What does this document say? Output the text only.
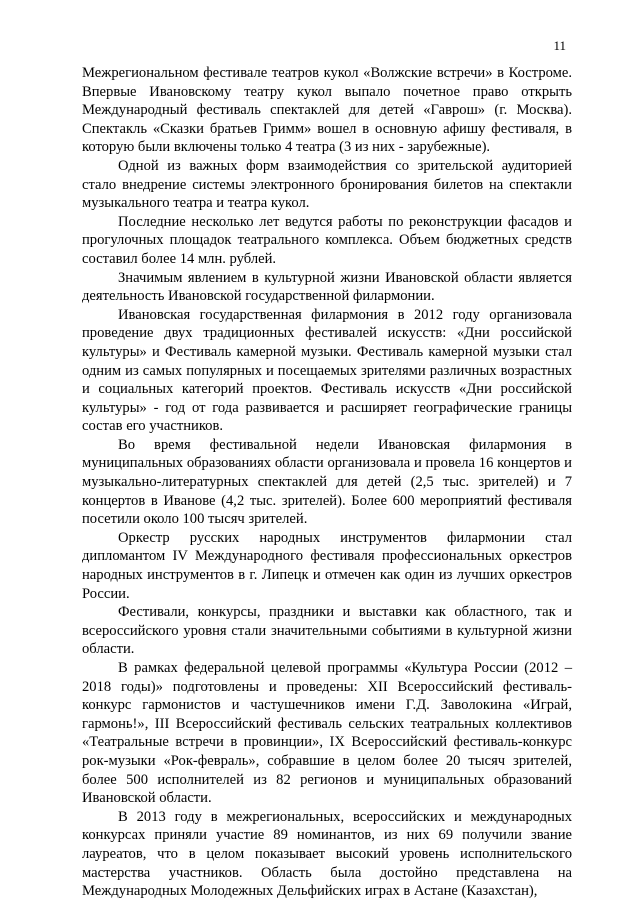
11

Межрегиональном фестивале театров кукол «Волжские встречи» в Костроме. Впервые Ивановскому театру кукол выпало почетное право открыть Международный фестиваль спектаклей для детей «Гаврош» (г. Москва). Спектакль «Сказки братьев Гримм» вошел в основную афишу фестиваля, в которую были включены только 4 театра (3 из них - зарубежные).

Одной из важных форм взаимодействия со зрительской аудиторией стало внедрение системы электронного бронирования билетов на спектакли музыкального театра и театра кукол.

Последние несколько лет ведутся работы по реконструкции фасадов и прогулочных площадок театрального комплекса. Объем бюджетных средств составил более 14 млн. рублей.

Значимым явлением в культурной жизни Ивановской области является деятельность Ивановской государственной филармонии.

Ивановская государственная филармония в 2012 году организовала проведение двух традиционных фестивалей искусств: «Дни российской культуры» и Фестиваль камерной музыки. Фестиваль камерной музыки стал одним из самых популярных и посещаемых зрителями различных возрастных и социальных категорий проектов. Фестиваль искусств «Дни российской культуры» - год от года развивается и расширяет географические границы состав его участников.

Во время фестивальной недели Ивановская филармония в муниципальных образованиях области организовала и провела 16 концертов и музыкально-литературных спектаклей для детей (2,5 тыс. зрителей) и 7 концертов в Иванове (4,2 тыс. зрителей). Более 600 мероприятий фестиваля посетили около 100 тысяч зрителей.

Оркестр русских народных инструментов филармонии стал дипломантом IV Международного фестиваля профессиональных оркестров народных инструментов в г. Липецк и отмечен как один из лучших оркестров России.

Фестивали, конкурсы, праздники и выставки как областного, так и всероссийского уровня стали значительными событиями в культурной жизни области.

В рамках федеральной целевой программы «Культура России (2012 – 2018 годы)» подготовлены и проведены: XII Всероссийский фестиваль-конкурс гармонистов и частушечников имени Г.Д. Заволокина «Играй, гармонь!», III Всероссийский фестиваль сельских театральных коллективов «Театральные встречи в провинции», IX Всероссийский фестиваль-конкурс рок-музыки «Рок-февраль», собравшие в целом более 20 тысяч зрителей, более 500 исполнителей из 82 регионов и муниципальных образований Ивановской области.

В 2013 году в межрегиональных, всероссийских и международных конкурсах приняли участие 89 номинантов, из них 69 получили звание лауреатов, что в целом показывает высокий уровень исполнительского мастерства участников. Область была достойно представлена на Международных Молодежных Дельфийских играх в Астане (Казахстан),
